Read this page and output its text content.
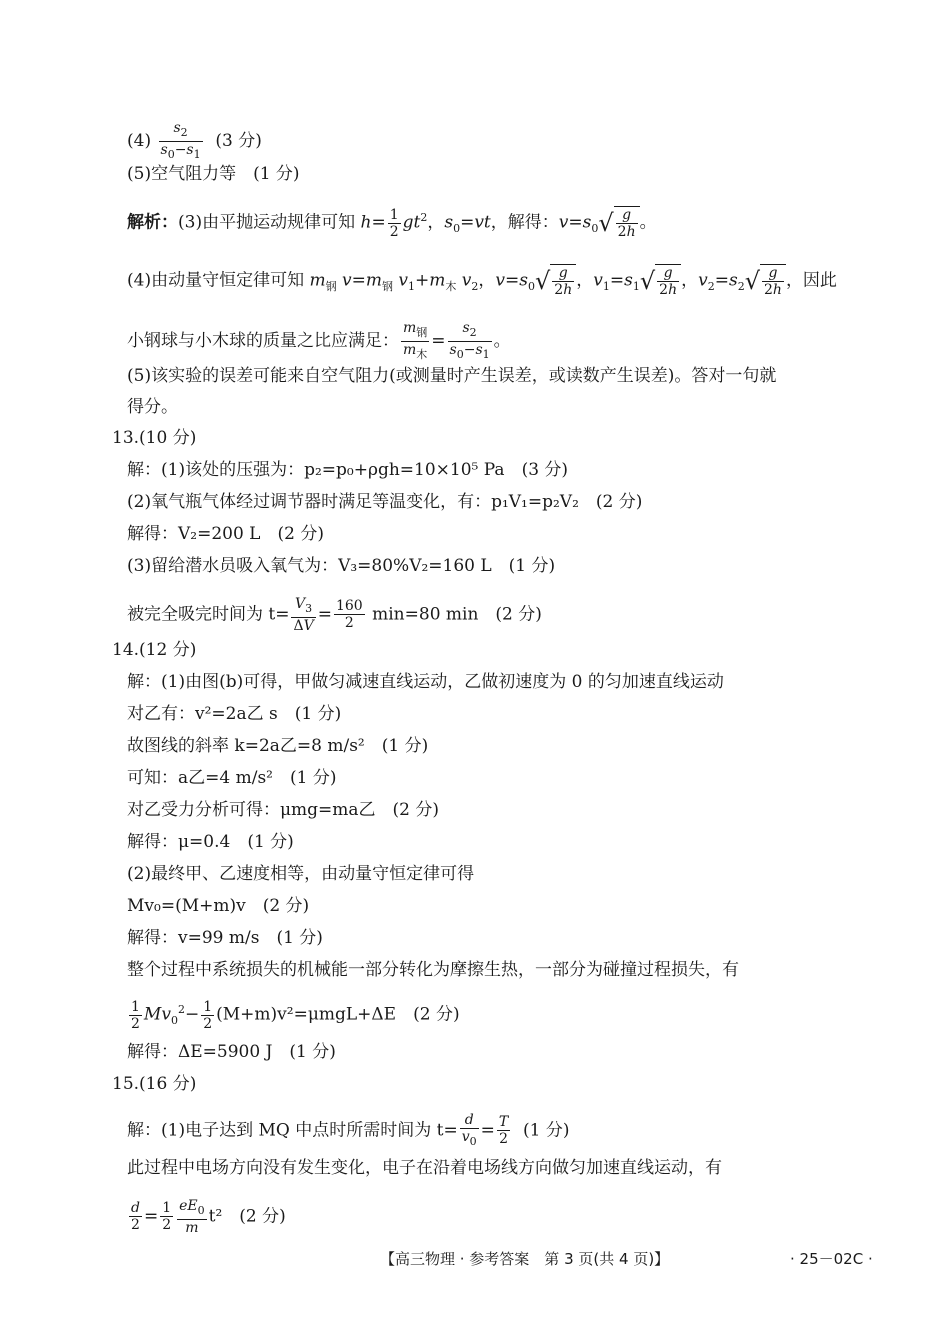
$(4) \frac{s_2}{s_0-s_1} (3$ 分)
(5)空气阻力等　(1 分)
解析：(3)由平抛运动规律可知 $h= \frac{1}{2} gt^2$，$s_0=vt$，解得：$v=s_0√ \frac{g}{2h}$ 。
(4)由动量守恒定律可知 $m_钢$ $v=m_钢$ $v_1+m_木$ $v_2$，$v=s_0√ \frac{g}{2h}$ ，$v_1=s_1√ \frac{g}{2h}$ ，$v_2=s_2√ \frac{g}{2h}$ ，因此
小钢球与小木球的质量之比应满足： $\frac{m_钢}{m_木} = \frac{s_2}{s_0-s_1}$ 。
(5)该实验的误差可能来自空气阻力(或测量时产生误差，或读数产生误差)。答对一句就
得分。
13.(10 分)
解：(1)该处的压强为：p₂=p₀+ρgh=10×10⁵ Pa　(3 分)
(2)氧气瓶气体经过调节器时满足等温变化，有：p₁V₁=p₂V₂　(2 分)
解得：V₂=200 L　(2 分)
(3)留给潜水员吸入氧气为：V₃=80%V₂=160 L　(1 分)
被完全吸完时间为 $t= \frac{V_3}{\Delta V} = \frac{160}{2} \min=80$ min　(2 分)
14.(12 分)
解：(1)由图(b)可得，甲做匀减速直线运动，乙做初速度为 0 的匀加速直线运动
对乙有：v²=2a乙 s　(1 分)
故图线的斜率 k=2a乙=8 m/s²　(1 分)
可知：a乙=4 m/s²　(1 分)
对乙受力分析可得：μmg=ma乙　(2 分)
解得：μ=0.4　(1 分)
(2)最终甲、乙速度相等，由动量守恒定律可得
Mv₀=(M+m)v　(2 分)
解得：v=99 m/s　(1 分)
整个过程中系统损失的机械能一部分转化为摩擦生热，一部分为碰撞过程损失，有
$\frac{1}{2} Mv_0^2- \frac{1}{2} (M+m)v^2=\mu mgL+\Delta E$　(2 分)
解得：ΔE=5900 J　(1 分)
15.(16 分)
解：(1)电子达到 MQ 中点时所需时间为 $t= \frac{d}{v_0} = \frac{T}{2} (1$ 分)
此过程中电场方向没有发生变化，电子在沿着电场线方向做匀加速直线运动，有
$\frac{d}{2} = \frac{1}{2} \frac{eE_0}{m} t^2$　(2 分)
【高三物理 · 参考答案　第 3 页(共 4 页)】	· 25－02C ·
